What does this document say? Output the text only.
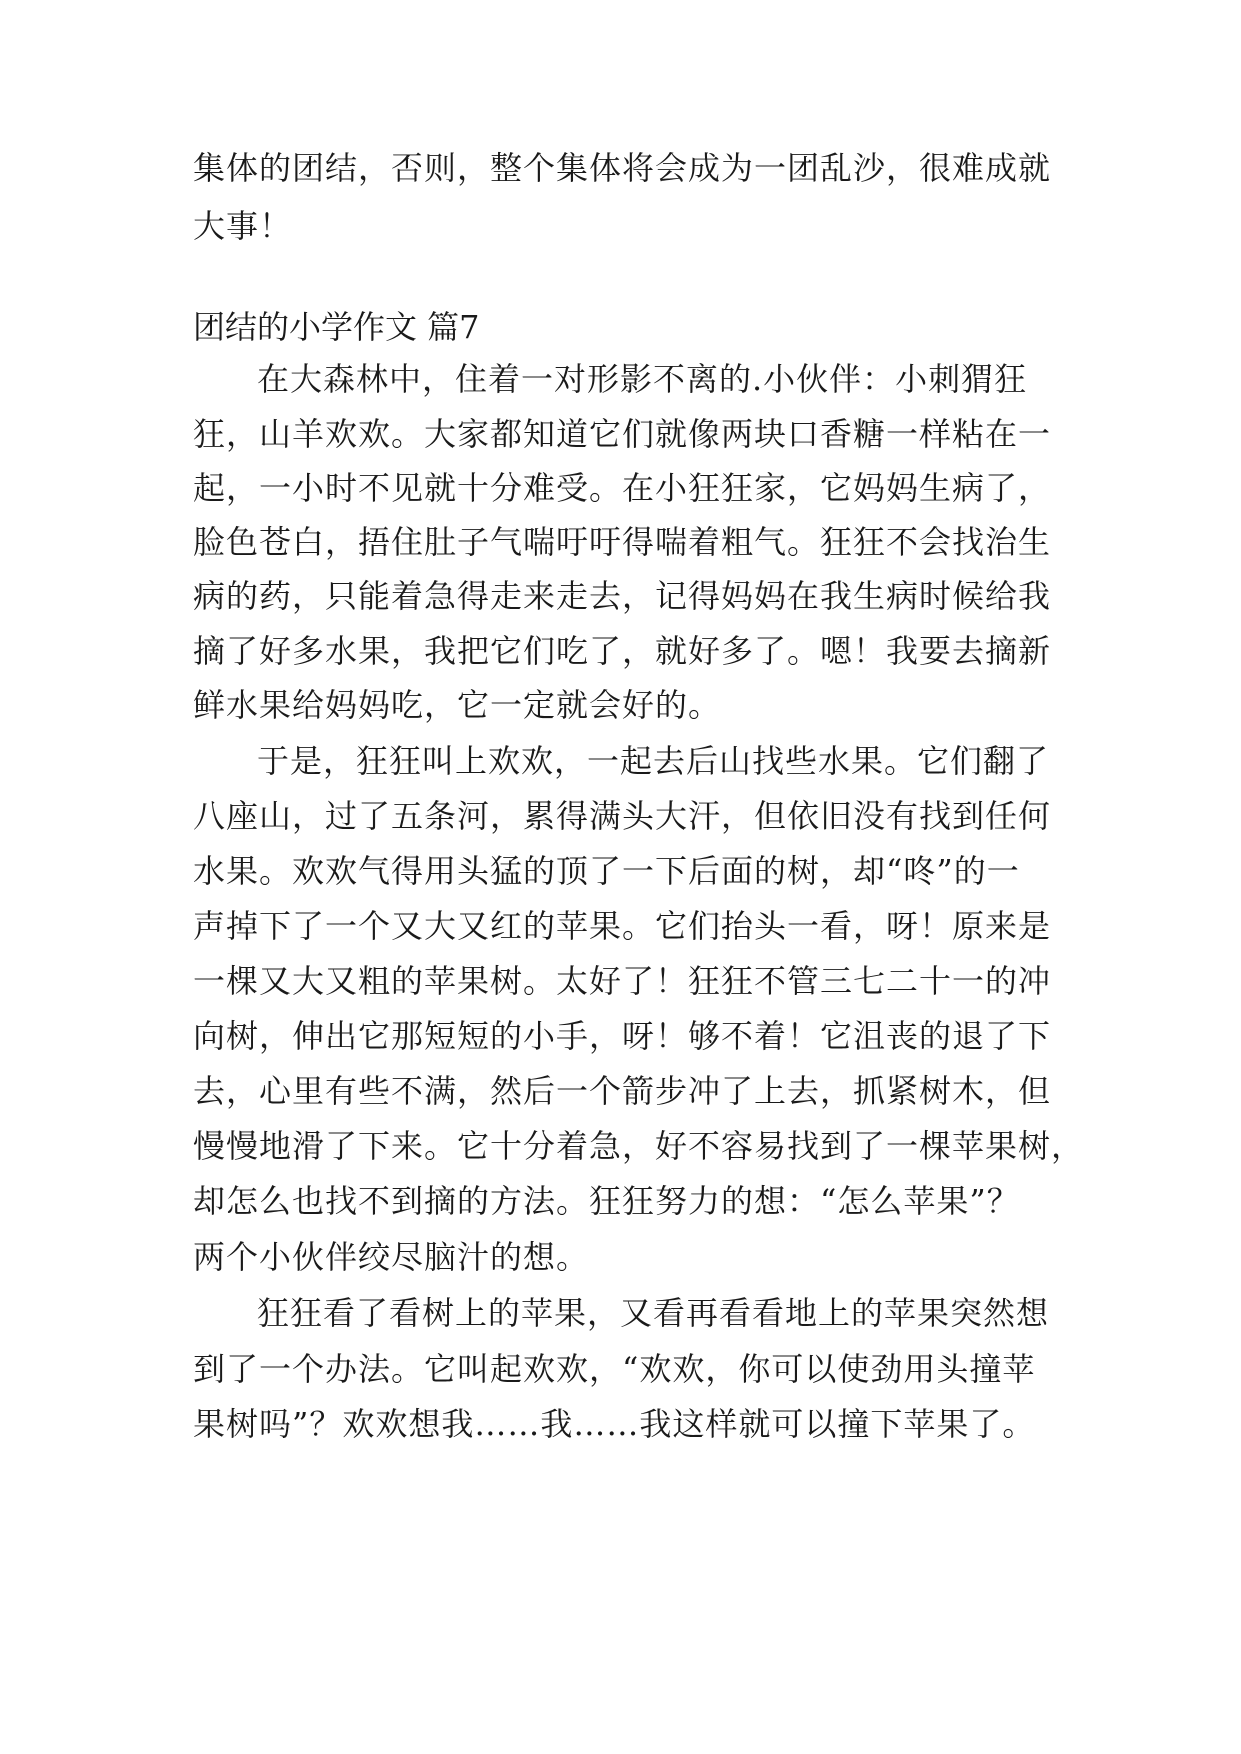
集体的团结，否则，整个集体将会成为一团乱沙，很难成就
大事！
团结的小学作文 篇7
在大森林中，住着一对形影不离的.小伙伴：小刺猬狂
狂，山羊欢欢。大家都知道它们就像两块口香糖一样粘在一
起，一小时不见就十分难受。在小狂狂家，它妈妈生病了，
脸色苍白，捂住肚子气喘吁吁得喘着粗气。狂狂不会找治生
病的药，只能着急得走来走去，记得妈妈在我生病时候给我
摘了好多水果，我把它们吃了，就好多了。嗯！我要去摘新
鲜水果给妈妈吃，它一定就会好的。
于是，狂狂叫上欢欢，一起去后山找些水果。它们翻了
八座山，过了五条河，累得满头大汗，但依旧没有找到任何
水果。欢欢气得用头猛的顶了一下后面的树，却“咚”的一
声掉下了一个又大又红的苹果。它们抬头一看，呀！原来是
一棵又大又粗的苹果树。太好了！狂狂不管三七二十一的冲
向树，伸出它那短短的小手，呀！够不着！它沮丧的退了下
去，心里有些不满，然后一个箭步冲了上去，抓紧树木，但
慢慢地滑了下来。它十分着急，好不容易找到了一棵苹果树，
却怎么也找不到摘的方法。狂狂努力的想：“怎么苹果”？
两个小伙伴绞尽脑汁的想。
狂狂看了看树上的苹果，又看再看看地上的苹果突然想
到了一个办法。它叫起欢欢，“欢欢，你可以使劲用头撞苹
果树吗”？欢欢想我……我……我这样就可以撞下苹果了。
